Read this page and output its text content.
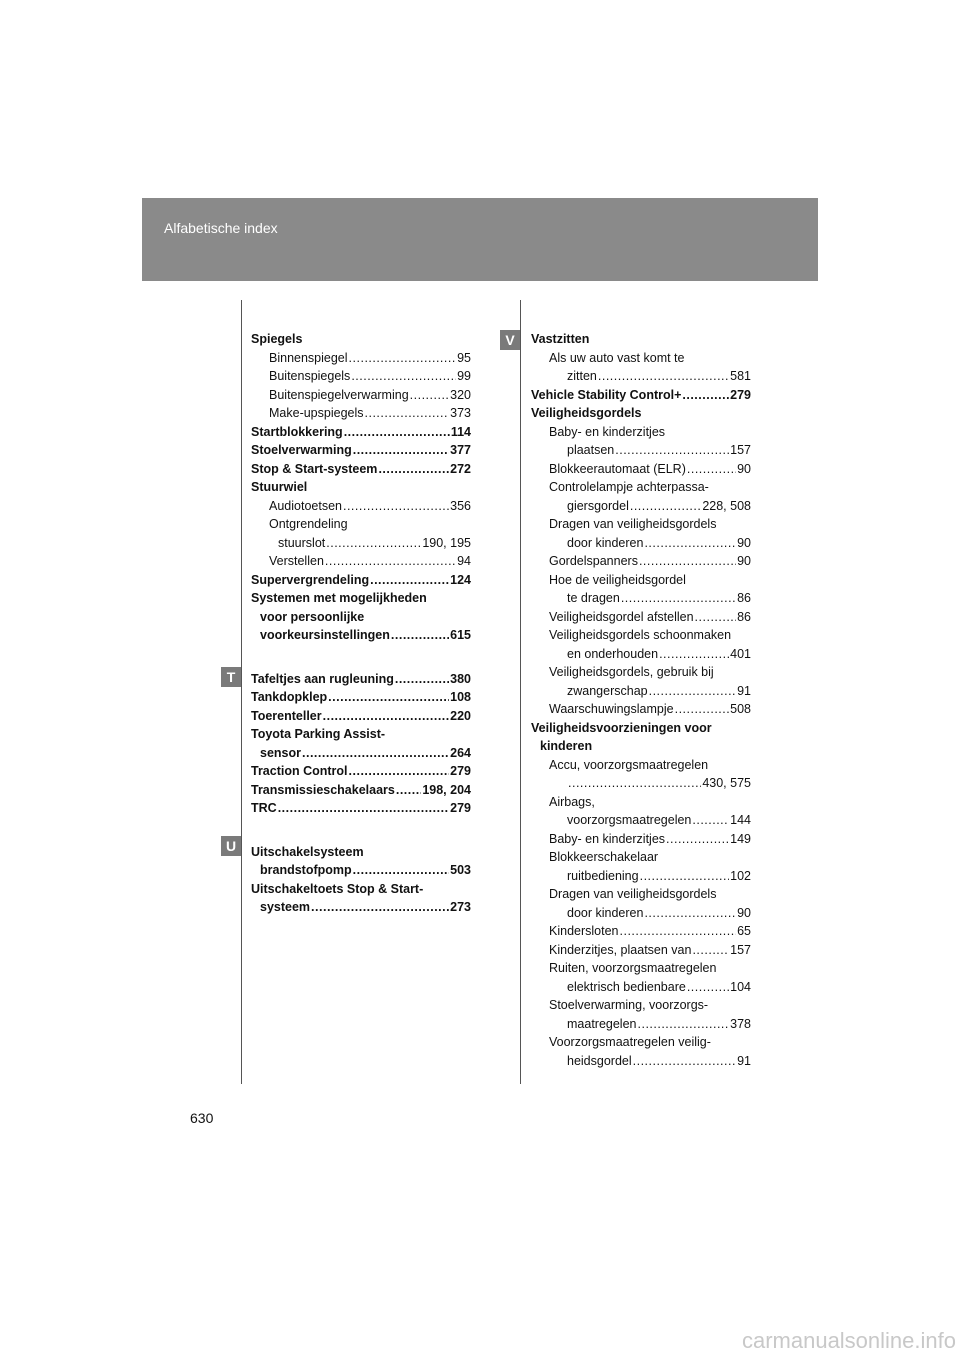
Alfabetische index
T
U
V
Spiegels
Binnenspiegel .....	95
Buitenspiegels .....	99
Buitenspiegelverwarming .....	320
Make-upspiegels .....	373
Startblokkering .....	114
Stoelverwarming .....	377
Stop & Start-systeem .....	272
Stuurwiel
Audiotoetsen .....	356
Ontgrendeling
stuurslot .....	190, 195
Verstellen .....	94
Supervergrendeling .....	124
Systemen met mogelijkheden
voor persoonlijke
voorkeursinstellingen .....	615
Tafeltjes aan rugleuning .....	380
Tankdopklep .....	108
Toerenteller .....	220
Toyota Parking Assist-
sensor .....	264
Traction Control .....	279
Transmissieschakelaars ..... 198, 204
TRC .....	279
Uitschakelsysteem
brandstofpomp .....	503
Uitschakeltoets Stop & Start-
systeem .....	273
Vastzitten
Als uw auto vast komt te
zitten .....	581
Vehicle Stability Control+ .....	279
Veiligheidsgordels
Baby- en kinderzitjes
plaatsen .....	157
Blokkeerautomaat (ELR) .....	90
Controlelampje achterpassa-
giersgordel .....	228, 508
Dragen van veiligheidsgordels
door kinderen .....	90
Gordelspanners .....	90
Hoe de veiligheidsgordel
te dragen .....	86
Veiligheidsgordel afstellen .....	86
Veiligheidsgordels schoonmaken
en onderhouden .....	401
Veiligheidsgordels, gebruik bij
zwangerschap .....	91
Waarschuwingslampje .....	508
Veiligheidsvoorzieningen voor
kinderen
Accu, voorzorgsmaatregelen
.....
430, 575
Airbags,
voorzorgsmaatregelen .....	144
Baby- en kinderzitjes .....	149
Blokkeerschakelaar
ruitbediening .....	102
Dragen van veiligheidsgordels
door kinderen .....	90
Kindersloten .....	65
Kinderzitjes, plaatsen van .....	157
Ruiten, voorzorgsmaatregelen
elektrisch bedienbare .....	104
Stoelverwarming, voorzorgs-
maatregelen .....	378
Voorzorgsmaatregelen veilig-
heidsgordel .....	91
630
carmanualsonline.info
